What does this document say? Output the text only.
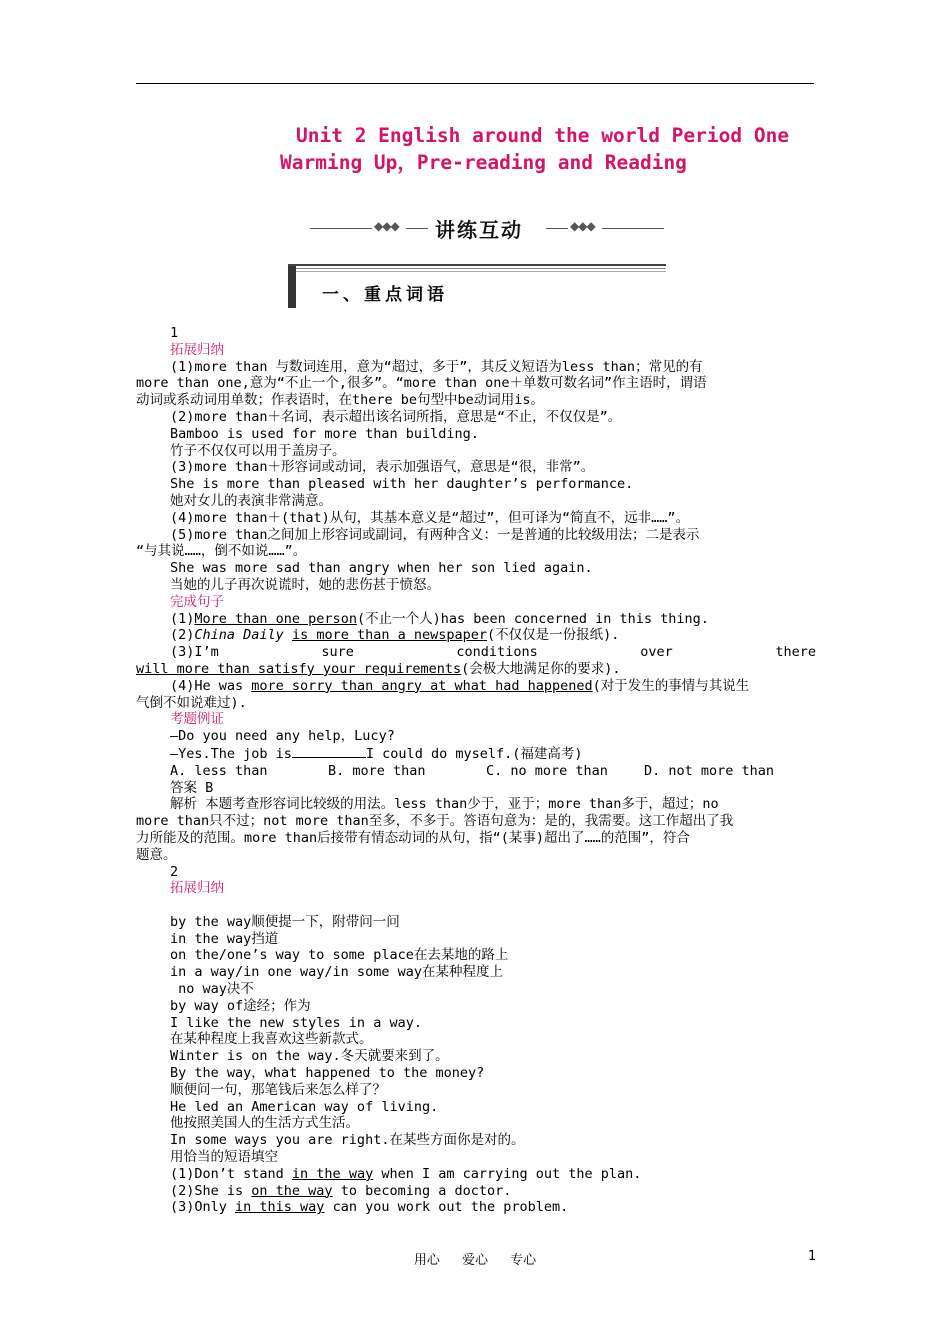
Unit 2 English around the world Period One
Warming Up，Pre-reading and Reading
◆◆◆ 讲练互动	◆◆◆
一、重点词语

1

拓展归纳

(1)more than 与数词连用，意为“超过，多于”，其反义短语为less than；常见的有

more than one,意为“不止一个,很多”。“more than one＋单数可数名词”作主语时，谓语

动词或系动词用单数；作表语时，在there be句型中be动词用is。

(2)more than＋名词，表示超出该名词所指，意思是“不止，不仅仅是”。

Bamboo is used for more than building.

竹子不仅仅可以用于盖房子。

(3)more than＋形容词或动词，表示加强语气，意思是“很，非常”。

She is more than pleased with her daughter’s performance.

她对女儿的表演非常满意。

(4)more than＋(that)从句，其基本意义是“超过”，但可译为“简直不，远非……”。

(5)more than之间加上形容词或副词，有两种含义：一是普通的比较级用法；二是表示

“与其说……，倒不如说……”。

She was more sad than angry when her son lied again.

当她的儿子再次说谎时，她的悲伤甚于愤怒。

完成句子

(1)More than one person(不止一个人)has been concerned in this thing.

(2)China Daily is more than a newspaper(不仅仅是一份报纸).

(3)I’m	sure	conditions	over	there

will more than satisfy your requirements(会极大地满足你的要求).

(4)He was more sorry than angry at what had happened(对于发生的事情与其说生

气倒不如说难过).

考题例证

—Do you need any help，Lucy?

—Yes.The job is	I could do myself.(福建高考)

A. less than	B. more than	C. no more than	D. not more than

答案 B

解析 本题考查形容词比较级的用法。less than少于，亚于；more than多于，超过；no

more than只不过；not more than至多，不多于。答语句意为：是的，我需要。这工作超出了我

力所能及的范围。more than后接带有情态动词的从句，指“(某事)超出了……的范围”，符合

题意。

2

拓展归纳

by the way顺便提一下，附带问一问

in the way挡道

on the/one’s way to some place在去某地的路上

in a way/in one way/in some way在某种程度上

no way决不

by way of途经；作为

I like the new styles in a way.

在某种程度上我喜欢这些新款式。

Winter is on the way.冬天就要来到了。

By the way，what happened to the money?

顺便问一句，那笔钱后来怎么样了？

He led an American way of living.

他按照美国人的生活方式生活。

In some ways you are right.在某些方面你是对的。

用恰当的短语填空

(1)Don’t stand in the way when I am carrying out the plan.

(2)She is on the way to becoming a doctor.

(3)Only in this way can you work out the problem.

用心 爱心 专心	1
